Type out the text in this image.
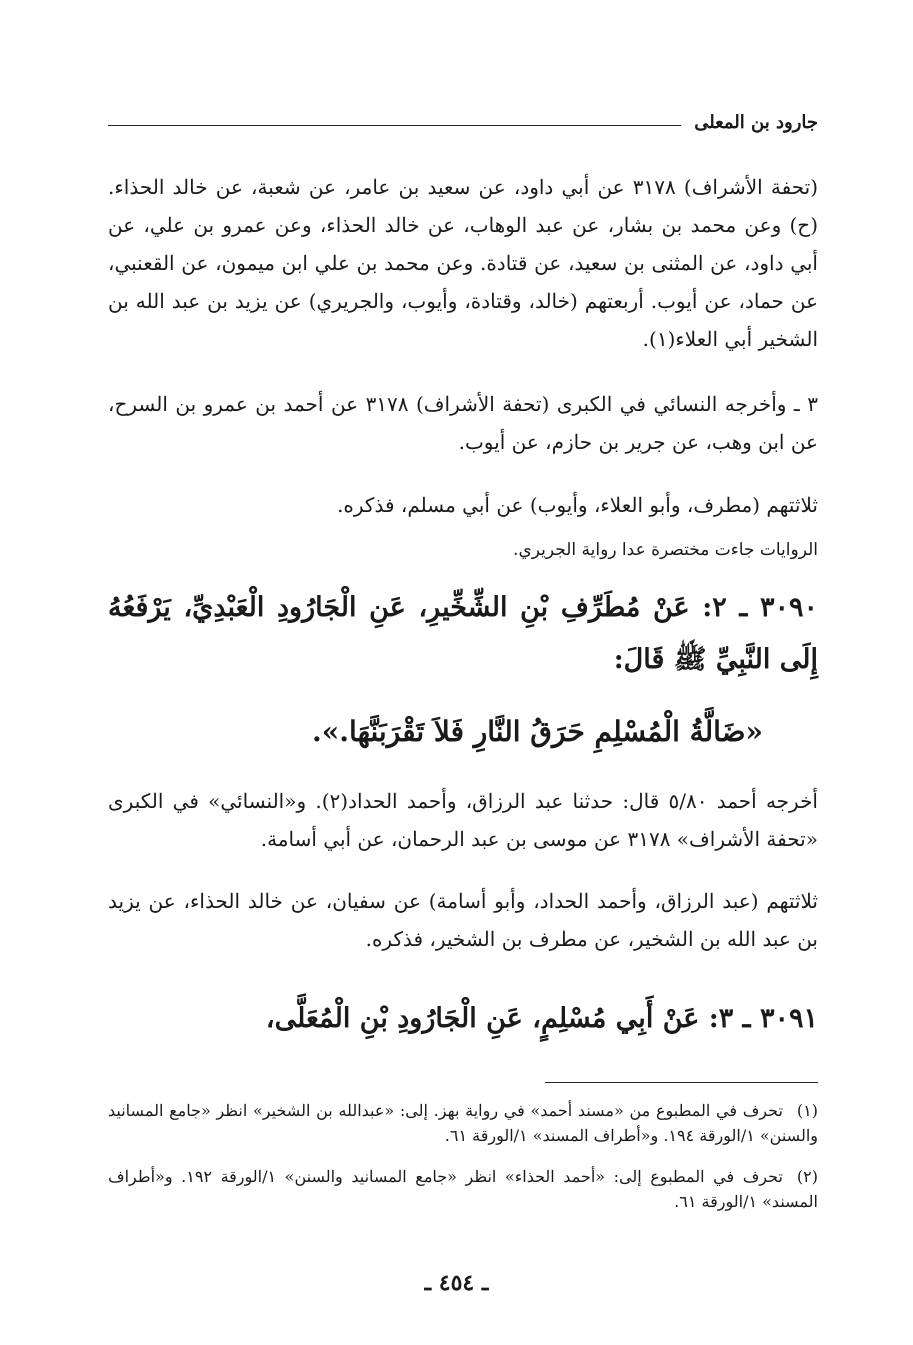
جارود بن المعلى
(تحفة الأشراف) ٣١٧٨ عن أبي داود، عن سعيد بن عامر، عن شعبة، عن خالد الحذاء. (ح) وعن محمد بن بشار، عن عبد الوهاب، عن خالد الحذاء، وعن عمرو بن علي، عن أبي داود، عن المثنى بن سعيد، عن قتادة. وعن محمد بن علي ابن ميمون، عن القعنبي، عن حماد، عن أيوب. أربعتهم (خالد، وقتادة، وأيوب، والجريري) عن يزيد بن عبد الله بن الشخير أبي العلاء(١).
٣ ـ وأخرجه النسائي في الكبرى (تحفة الأشراف) ٣١٧٨ عن أحمد بن عمرو بن السرح، عن ابن وهب، عن جرير بن حازم، عن أيوب.
ثلاثتهم (مطرف، وأبو العلاء، وأيوب) عن أبي مسلم، فذكره.
الروايات جاءت مختصرة عدا رواية الجريري.
٣٠٩٠ ـ ٢: عَنْ مُطَرِّفِ بْنِ الشِّخِّيرِ، عَنِ الْجَارُودِ الْعَبْدِيِّ، يَرْفَعُهُ إِلَى النَّبِيِّ ﷺ قَالَ:
«ضَالَّةُ الْمُسْلِمِ حَرَقُ النَّارِ فَلاَ تَقْرَبَنَّهَا.».
أخرجه أحمد ٥/٨٠ قال: حدثنا عبد الرزاق، وأحمد الحداد(٢). و«النسائي» في الكبرى «تحفة الأشراف» ٣١٧٨ عن موسى بن عبد الرحمان، عن أبي أسامة.
ثلاثتهم (عبد الرزاق، وأحمد الحداد، وأبو أسامة) عن سفيان، عن خالد الحذاء، عن يزيد بن عبد الله بن الشخير، عن مطرف بن الشخير، فذكره.
٣٠٩١ ـ ٣: عَنْ أَبِي مُسْلِمٍ، عَنِ الْجَارُودِ بْنِ الْمُعَلَّى،
(١)تحرف في المطبوع من «مسند أحمد» في رواية بهز. إلى: «عبدالله بن الشخير» انظر «جامع المسانيد والسنن» ١/الورقة ١٩٤. و«أطراف المسند» ١/الورقة ٦١.
(٢)تحرف في المطبوع إلى: «أحمد الحذاء» انظر «جامع المسانيد والسنن» ١/الورقة ١٩٢. و«أطراف المسند» ١/الورقة ٦١.
ـ ٤٥٤ ـ
